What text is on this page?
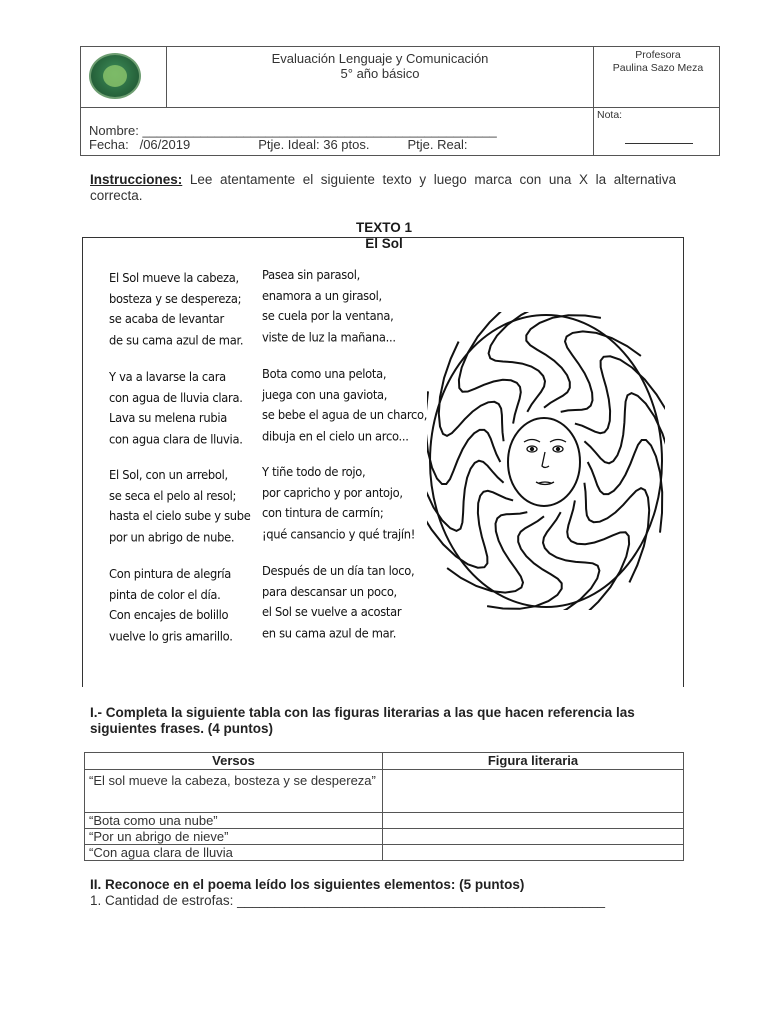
Evaluación Lenguaje y Comunicación
5° año básico
Profesora
Paulina Sazo Meza
Nota:
Nombre: _________________________________________________
Fecha:   /06/2019	Ptje. Ideal: 36 ptos.	Ptje. Real:
Instrucciones: Lee atentamente el siguiente texto y luego marca con una X la alternativa correcta.
TEXTO 1
El Sol
El Sol mueve la cabeza,
bosteza y se despereza;
se acaba de levantar
de su cama azul de mar.
Y va a lavarse la cara
con agua de lluvia clara.
Lava su melena rubia
con agua clara de lluvia.
El Sol, con un arrebol,
se seca el pelo al resol;
hasta el cielo sube y sube
por un abrigo de nube.
Con pintura de alegría
pinta de color el día.
Con encajes de bolillo
vuelve lo gris amarillo.
Pasea sin parasol,
enamora a un girasol,
se cuela por la ventana,
viste de luz la mañana...
Bota como una pelota,
juega con una gaviota,
se bebe el agua de un charco,
dibuja en el cielo un arco...
Y tiñe todo de rojo,
por capricho y por antojo,
con tintura de carmín;
¡qué cansancio y qué trajín!
Después de un día tan loco,
para descansar un poco,
el Sol se vuelve a acostar
en su cama azul de mar.
I.- Completa la siguiente tabla con las figuras literarias a las que hacen referencia las siguientes frases. (4 puntos)
Versos	Figura literaria
“El sol mueve la cabeza, bosteza y se despereza”	
“Bota como una nube”	
“Por un abrigo de nieve”	
“Con agua clara de lluvia	
II. Reconoce en el poema leído los siguientes elementos: (5 puntos)
1. Cantidad de estrofas: _________________________________________________
